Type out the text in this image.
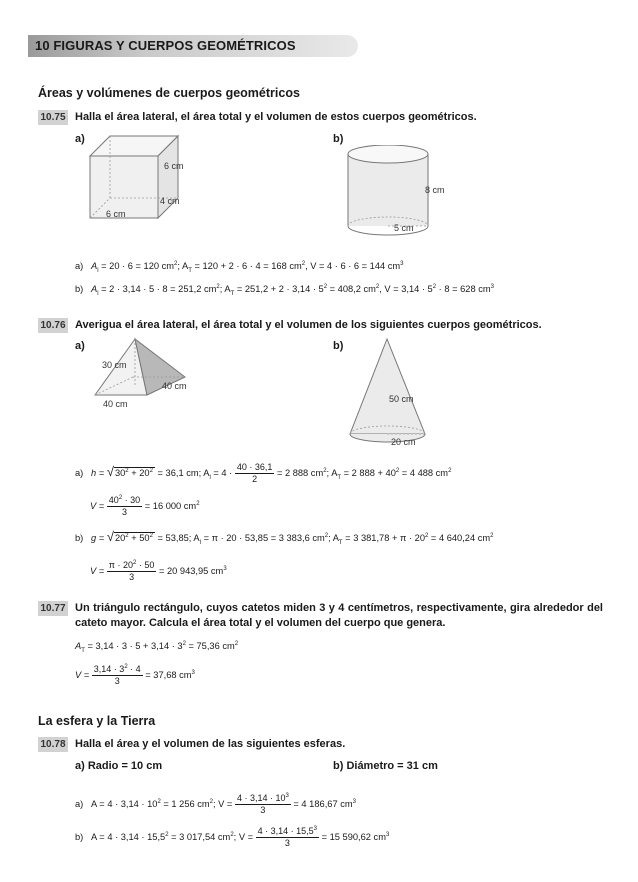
10 FIGURAS Y CUERPOS GEOMÉTRICOS
Áreas y volúmenes de cuerpos geométricos
10.75 Halla el área lateral, el área total y el volumen de estos cuerpos geométricos.
a)	b)
6 cm
4 cm
6 cm
8 cm
5 cm
a) $A_l = 20 \cdot 6 = 120$ $cm^2$; $A_T = 120 + 2 \cdot 6 \cdot 4 = 168$ $cm^2$, V = 4 · 6 · 6 = 144 $cm^3$
b) $A_l = 2 \cdot 3,14 \cdot 5 \cdot 8 = 251,2$ $cm^2$; $A_T = 251,2 + 2 \cdot 3,14 \cdot 5^2 = 408,2$ $cm^2$, $V = 3,14 \cdot 5^2 \cdot 8 = 628$ $cm^3$
10.76 Averigua el área lateral, el área total y el volumen de los siguientes cuerpos geométricos.
a)	b)
30 cm
40 cm
40 cm	50 cm
20 cm
a) $h = √30^2 + 20^2 = 36,1$ cm; $A_l = 4 \cdot \frac{40 \cdot 36,1}{2} = 2$ 888 $cm^2$; $A_T = 2$ $888 + 40^2 = 4$ 488 $cm^2$
$V = \frac{40^2 \cdot 30}{3} = 16$ 000 $cm^2$
b) $g = √20^2 + 50^2 = 53,85$; $A_l = \pi \cdot 20 \cdot 53,85 = 3$ 383,6 $cm^2$; $A_T = 3$ $381,78 + \pi \cdot 20^2 = 4$ 640,24 $cm^2$
$V = \frac{\pi \cdot 20^2 \cdot 50}{3} = 20$ 943,95 $cm^3$
10.77 Un triángulo rectángulo, cuyos catetos miden 3 y 4 centímetros, respectivamente, gira alrededor del cateto mayor. Calcula el área total y el volumen del cuerpo que genera.
$A_T = 3,14 \cdot 3 \cdot 5 + 3,14 \cdot 3^2 = 75,36$ $cm^2$
$V = \frac{3,14 \cdot 3^2 \cdot 4}{3} = 37,68$ $cm^3$
La esfera y la Tierra
10.78 Halla el área y el volumen de las siguientes esferas.
a) Radio = 10 cm	b) Diámetro = 31 cm
a) $A = 4 \cdot 3,14 \cdot 10^2 = 1$ 256 $cm^2$; $V = \frac{4 \cdot 3,14 \cdot 10^3}{3} = 4$ 186,67 $cm^3$
b) $A = 4 \cdot 3,14 \cdot 15,5^2 = 3$ 017,54 $cm^2$; $V = \frac{4 \cdot 3,14 \cdot 15,5^3}{3} = 15$ 590,62 $cm^3$
